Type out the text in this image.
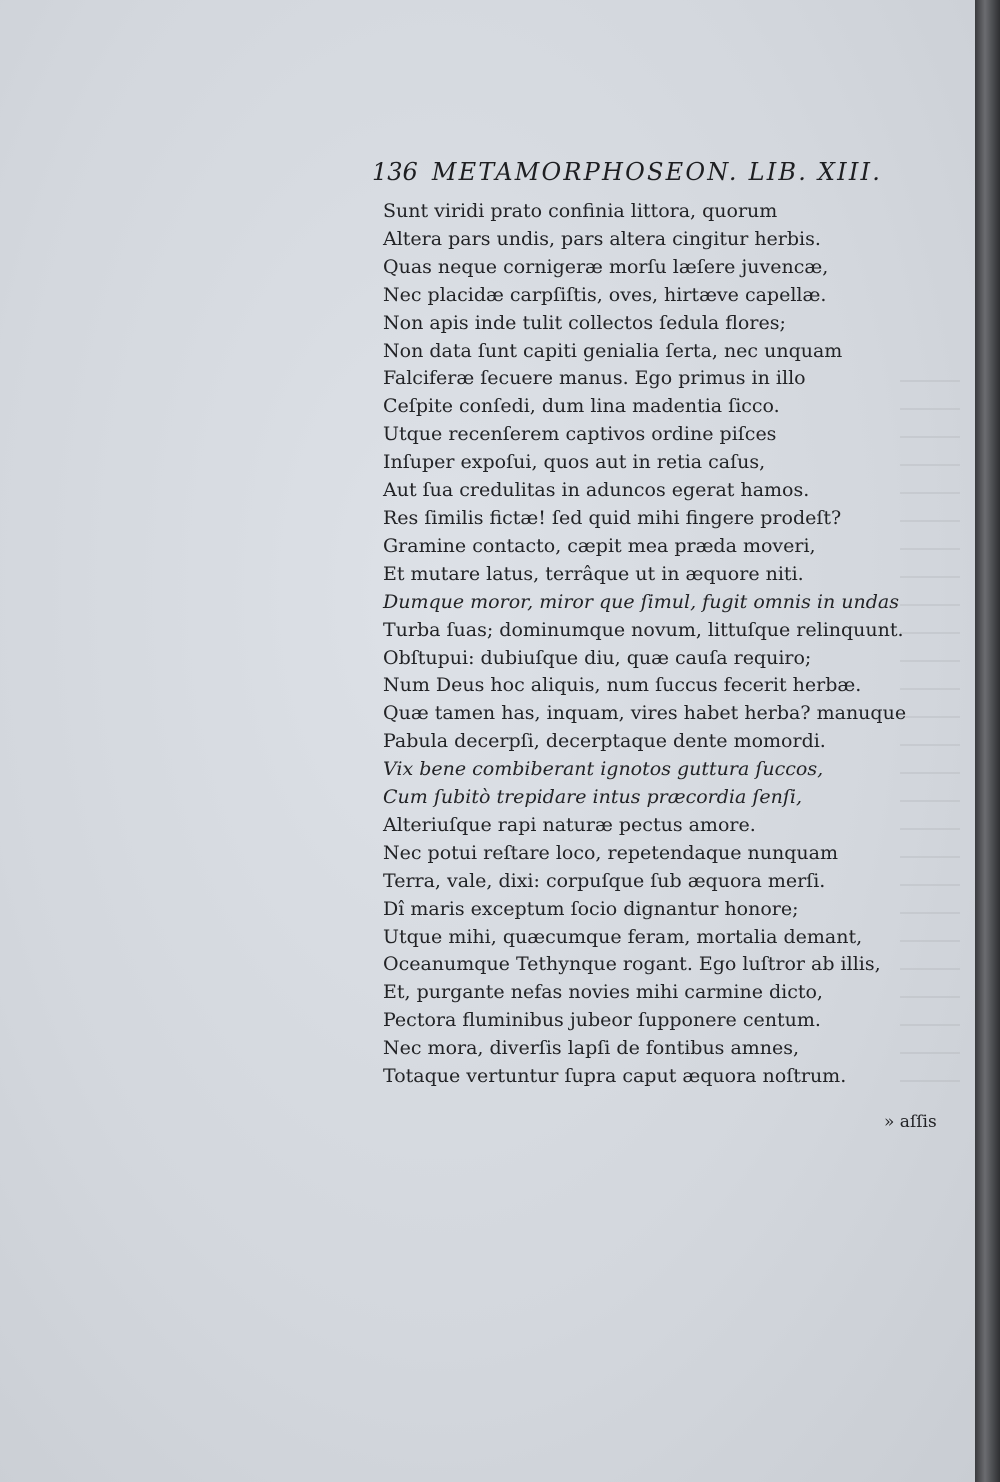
136 METAMORPHOSEON. LIB. XIII.
Sunt viridi prato confinia littora, quorum
Altera pars undis, pars altera cingitur herbis.
Quas neque cornigeræ morſu læſere juvencæ,
Nec placidæ carpſiſtis, oves, hirtæve capellæ.
Non apis inde tulit collectos ſedula flores;
Non data ſunt capiti genialia ſerta, nec unquam
Falciferæ ſecuere manus. Ego primus in illo
Ceſpite conſedi, dum lina madentia ſicco.
Utque recenſerem captivos ordine piſces
Inſuper expoſui, quos aut in retia caſus,
Aut ſua credulitas in aduncos egerat hamos.
Res ſimilis fictæ! ſed quid mihi fingere prodeſt?
Gramine contacto, cæpit mea præda moveri,
Et mutare latus, terrâque ut in æquore niti.
Dumque moror, miror que ſimul, fugit omnis in undas
Turba ſuas; dominumque novum, littuſque relinquunt.
Obſtupui: dubiuſque diu, quæ cauſa requiro;
Num Deus hoc aliquis, num ſuccus fecerit herbæ.
Quæ tamen has, inquam, vires habet herba? manuque
Pabula decerpſi, decerptaque dente momordi.
Vix bene combiberant ignotos guttura ſuccos,
Cum ſubitò trepidare intus præcordia ſenſi,
Alteriuſque rapi naturæ pectus amore.
Nec potui reſtare loco, repetendaque nunquam
Terra, vale, dixi: corpuſque ſub æquora merſi.
Dî maris exceptum ſocio dignantur honore;
Utque mihi, quæcumque feram, mortalia demant,
Oceanumque Tethynque rogant. Ego luſtror ab illis,
Et, purgante nefas novies mihi carmine dicto,
Pectora fluminibus jubeor ſupponere centum.
Nec mora, diverſis lapſi de fontibus amnes,
Totaque vertuntur ſupra caput æquora noſtrum.
» aſſis
